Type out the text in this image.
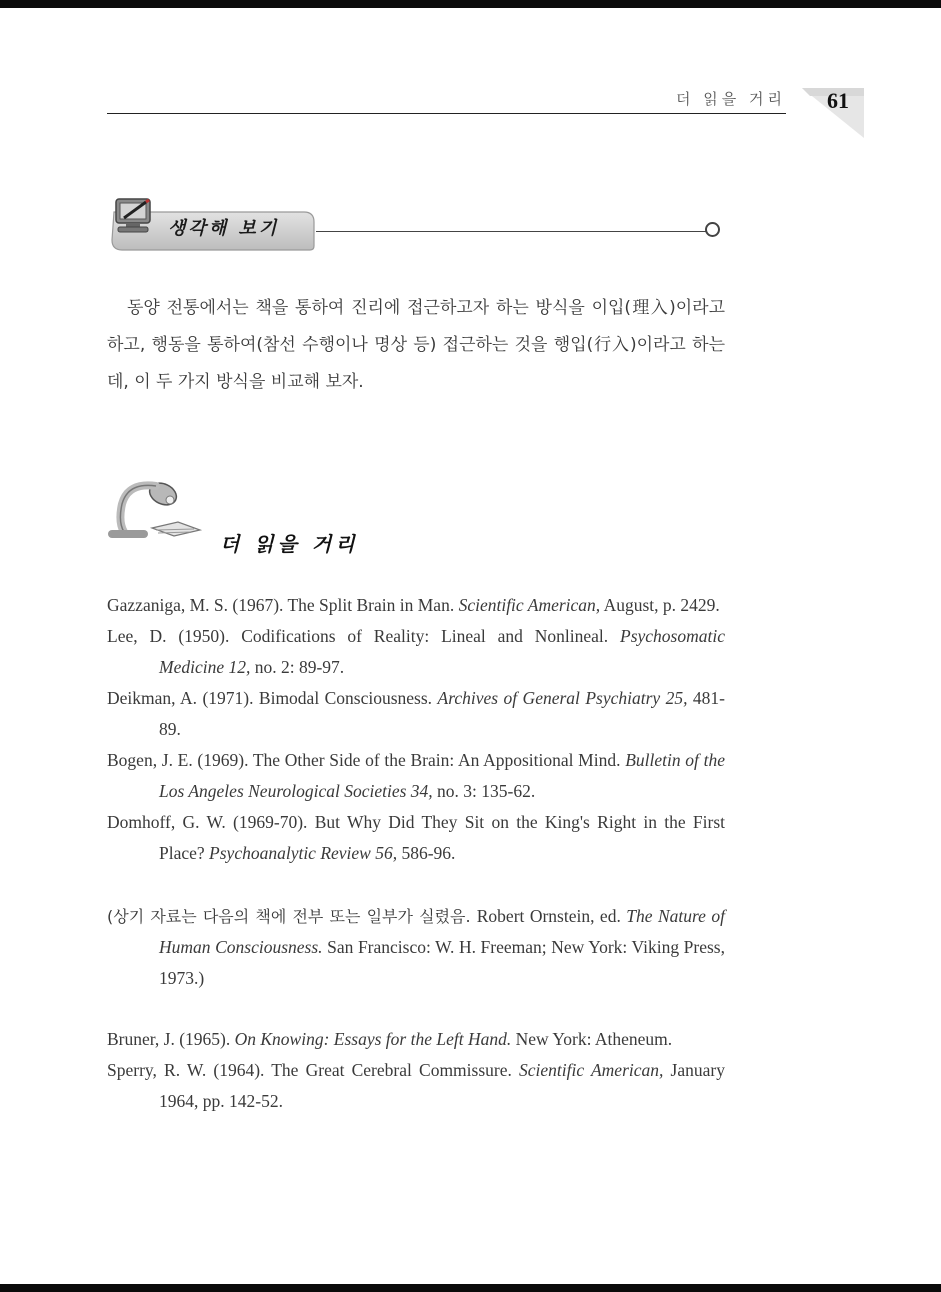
더 읽을 거리	61
생각해 보기
동양 전통에서는 책을 통하여 진리에 접근하고자 하는 방식을 이입(理入)이라고 하고, 행동을 통하여(참선 수행이나 명상 등) 접근하는 것을 행입(行入)이라고 하는데, 이 두 가지 방식을 비교해 보자.
더 읽을 거리
Gazzaniga, M. S. (1967). The Split Brain in Man. Scientific American, August, p. 2429.
Lee, D. (1950). Codifications of Reality: Lineal and Nonlineal. Psychosomatic Medicine 12, no. 2: 89-97.
Deikman, A. (1971). Bimodal Consciousness. Archives of General Psychiatry 25, 481-89.
Bogen, J. E. (1969). The Other Side of the Brain: An Appositional Mind. Bulletin of the Los Angeles Neurological Societies 34, no. 3: 135-62.
Domhoff, G. W. (1969-70). But Why Did They Sit on the King's Right in the First Place? Psychoanalytic Review 56, 586-96.
(상기 자료는 다음의 책에 전부 또는 일부가 실렸음. Robert Ornstein, ed. The Nature of Human Consciousness. San Francisco: W. H. Freeman; New York: Viking Press, 1973.)
Bruner, J. (1965). On Knowing: Essays for the Left Hand. New York: Atheneum.
Sperry, R. W. (1964). The Great Cerebral Commissure. Scientific American, January 1964, pp. 142-52.
